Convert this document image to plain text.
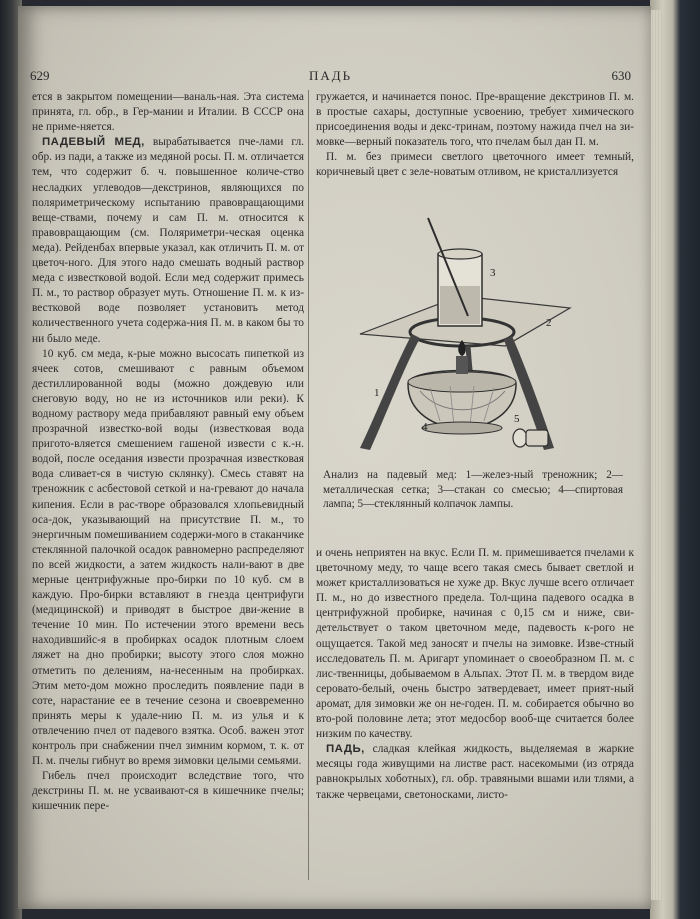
629	ПАДЬ	630

ется в закрытом помещении—ваналь-ная. Эта система принята, гл. обр., в Гер-мании и Италии. В СССР она не приме-няется.

ПАДЕВЫЙ МЕД, вырабатывается пче-лами гл. обр. из пади, а также из медяной росы. П. м. отличается тем, что содержит б. ч. повышенное количе-ство несладких углеводов—декстринов, являющихся по поляриметрическому испытанию правовращающими веще-ствами, почему и сам П. м. относится к правовращающим (см. Поляриметри-ческая оценка меда). Рейденбах впервые указал, как отличить П. м. от цветоч-ного. Для этого надо смешать водный раствор меда с известковой водой. Если мед содержит примесь П. м., то раствор образует муть. Отношение П. м. к из-вестковой воде позволяет установить метод количественного учета содержа-ния П. м. в каком бы то ни было меде.

10 куб. см меда, к-рые можно высосать пипеткой из ячеек сотов, смешивают с равным объемом дестиллированной воды (можно дождевую или снеговую воду, но не из источников или реки). К водному раствору меда прибавляют равный ему объем прозрачной известко-вой воды (известковая вода пригото-вляется смешением гашеной извести с к.-н. водой, после оседания извести прозрачная известковая вода сливает-ся в чистую склянку). Смесь ставят на треножник с асбестовой сеткой и на-гревают до начала кипения. Если в рас-творе образовался хлопьевидный оса-док, указывающий на присутствие П. м., то энергичным помешиванием содержи-мого в стаканчике стеклянной палочкой осадок равномерно распределяют по всей жидкости, а затем жидкость нали-вают в две мерные центрифужные про-бирки по 10 куб. см в каждую. Про-бирки вставляют в гнезда центрифуги (медицинской) и приводят в быстрое дви-жение в течение 10 мин. По истечении этого времени весь находившийс-я в пробирках осадок плотным слоем ляжет на дно пробирки; высоту этого слоя можно отметить по делениям, на-несенным на пробирках. Этим мето-дом можно проследить появление пади в соте, нарастание ее в течение сезона и своевременно принять меры к удале-нию П. м. из улья и к отвлечению пчел от падевого взятка. Особ. важен этот контроль при снабжении пчел зимним кормом, т. к. от П. м. пчелы гибнут во время зимовки целыми семьями.

Гибель пчел происходит вследствие того, что декстрины П. м. не усваивают-ся в кишечнике пчелы; кишечник пере-

гружается, и начинается понос. Пре-вращение декстринов П. м. в простые сахары, доступные усвоению, требует химического присоединения воды и декс-тринам, поэтому нажида пчел на зи-мовке—верный показатель того, что пчелам был дан П. м.

П. м. без примеси светлого цветочного имеет темный, коричневый цвет с зеле-новатым отливом, не кристаллизуется

1
2
3
4
5
Анализ на падевый мед: 1—желез-ный треножник; 2—металлическая сетка; 3—стакан со смесью; 4—спиртовая лампа; 5—стеклянный колпачок лампы.

и очень неприятен на вкус. Если П. м. примешивается пчелами к цветочному меду, то чаще всего такая смесь бывает светлой и может кристаллизоваться не хуже др. Вкус лучше всего отличает П. м., но до известного предела. Тол-щина падевого осадка в центрифужной пробирке, начиная с 0,15 см и ниже, сви-детельствует о таком цветочном меде, падевость к-рого не ощущается. Такой мед заносят и пчелы на зимовке. Изве-стный исследователь П. м. Аригарт упоминает о своеобразном П. м. с лис-твенницы, добываемом в Альпах. Этот П. м. в твердом виде серовато-белый, очень быстро затвердевает, имеет прият-ный аромат, для зимовки же он не-годен. П. м. собирается обычно во вто-рой половине лета; этот медосбор вооб-ще считается более низким по качеству.

ПАДЬ, сладкая клейкая жидкость, выделяемая в жаркие месяцы года живущими на листве раст. насекомыми (из отряда равнокрылых хоботных), гл. обр. травяными вшами или тлями, а также червецами, светоносками, листо-
